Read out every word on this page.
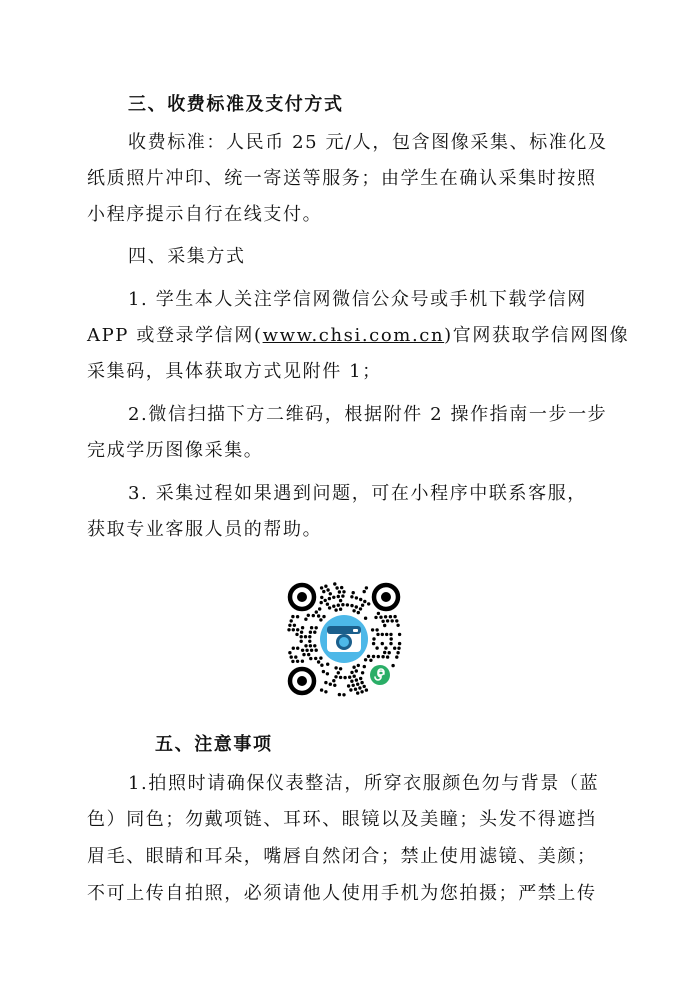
三、收费标准及支付方式
收费标准：人民币 25 元/人，包含图像采集、标准化及
纸质照片冲印、统一寄送等服务；由学生在确认采集时按照
小程序提示自行在线支付。
四、采集方式
1. 学生本人关注学信网微信公众号或手机下载学信网
APP 或登录学信网(www.chsi.com.cn)官网获取学信网图像
采集码，具体获取方式见附件 1；
2.微信扫描下方二维码，根据附件 2 操作指南一步一步
完成学历图像采集。
3. 采集过程如果遇到问题，可在小程序中联系客服，
获取专业客服人员的帮助。
五、注意事项
1.拍照时请确保仪表整洁，所穿衣服颜色勿与背景（蓝
色）同色；勿戴项链、耳环、眼镜以及美瞳；头发不得遮挡
眉毛、眼睛和耳朵，嘴唇自然闭合；禁止使用滤镜、美颜；
不可上传自拍照，必须请他人使用手机为您拍摄；严禁上传
